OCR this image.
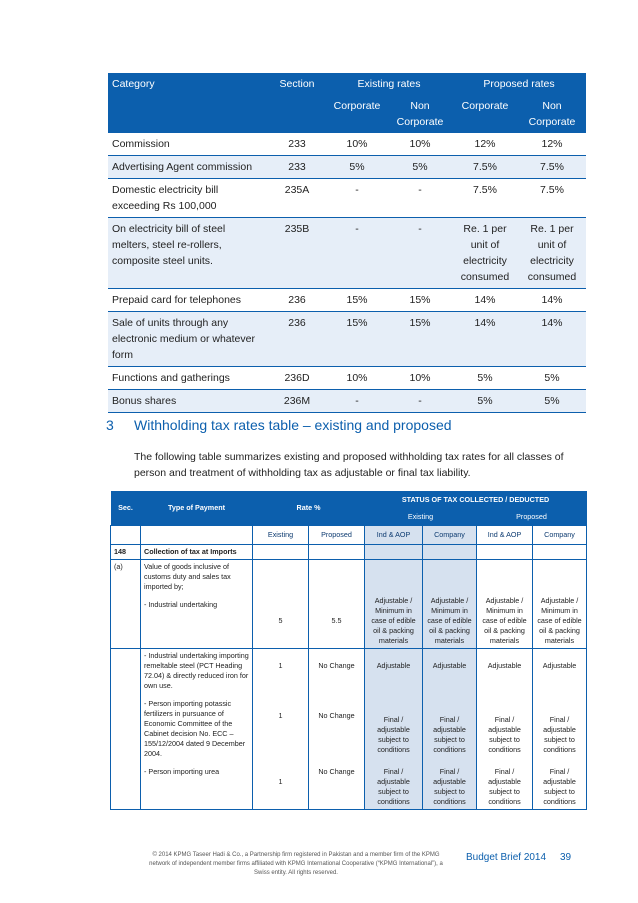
Category	Section	Existing rates		Proposed rates	
		Corporate	Non Corporate	Corporate	Non Corporate
Commission	233	10%	10%	12%	12%
Advertising Agent commission	233	5%	5%	7.5%	7.5%
Domestic electricity bill exceeding Rs 100,000	235A	-	-	7.5%	7.5%
On electricity bill of steel melters, steel re-rollers, composite steel units.	235B	-	-	Re. 1 per unit of electricity consumed	Re. 1 per unit of electricity consumed
Prepaid card for telephones	236	15%	15%	14%	14%
Sale of units through any electronic medium or whatever form	236	15%	15%	14%	14%
Functions and gatherings	236D	10%	10%	5%	5%
Bonus shares	236M	-	-	5%	5%
3 Withholding tax rates table – existing and proposed
The following table summarizes existing and proposed withholding tax rates for all classes of person and treatment of withholding tax as adjustable or final tax liability.
Sec.	Type of Payment	Rate %		STATUS OF TAX COLLECTED / DEDUCTED			
				Existing		Proposed	
		Existing	Proposed	Ind & AOP	Company	Ind & AOP	Company
148	Collection of tax at Imports						
(a)	Value of goods inclusive of customs duty and sales tax imported by;						
	- Industrial undertaking	5	5.5	Adjustable / Minimum in case of edible oil & packing materials	Adjustable / Minimum in case of edible oil & packing materials	Adjustable / Minimum in case of edible oil & packing materials	Adjustable / Minimum in case of edible oil & packing materials
	- Industrial undertaking importing remeltable steel (PCT Heading 72.04) & directly reduced iron for own use.	1	No Change	Adjustable	Adjustable	Adjustable	Adjustable
	- Person importing potassic fertilizers in pursuance of Economic Committee of the Cabinet decision No. ECC – 155/12/2004 dated 9 December 2004.	1	No Change	Final / adjustable subject to conditions	Final / adjustable subject to conditions	Final / adjustable subject to conditions	Final / adjustable subject to conditions
	- Person importing urea	1	No Change	Final / adjustable subject to conditions	Final / adjustable subject to conditions	Final / adjustable subject to conditions	Final / adjustable subject to conditions
© 2014 KPMG Taseer Hadi & Co., a Partnership firm registered in Pakistan and a member firm of the KPMG network of independent member firms affiliated with KPMG International Cooperative (“KPMG International”), a Swiss entity. All rights reserved.
Budget Brief 2014 39
